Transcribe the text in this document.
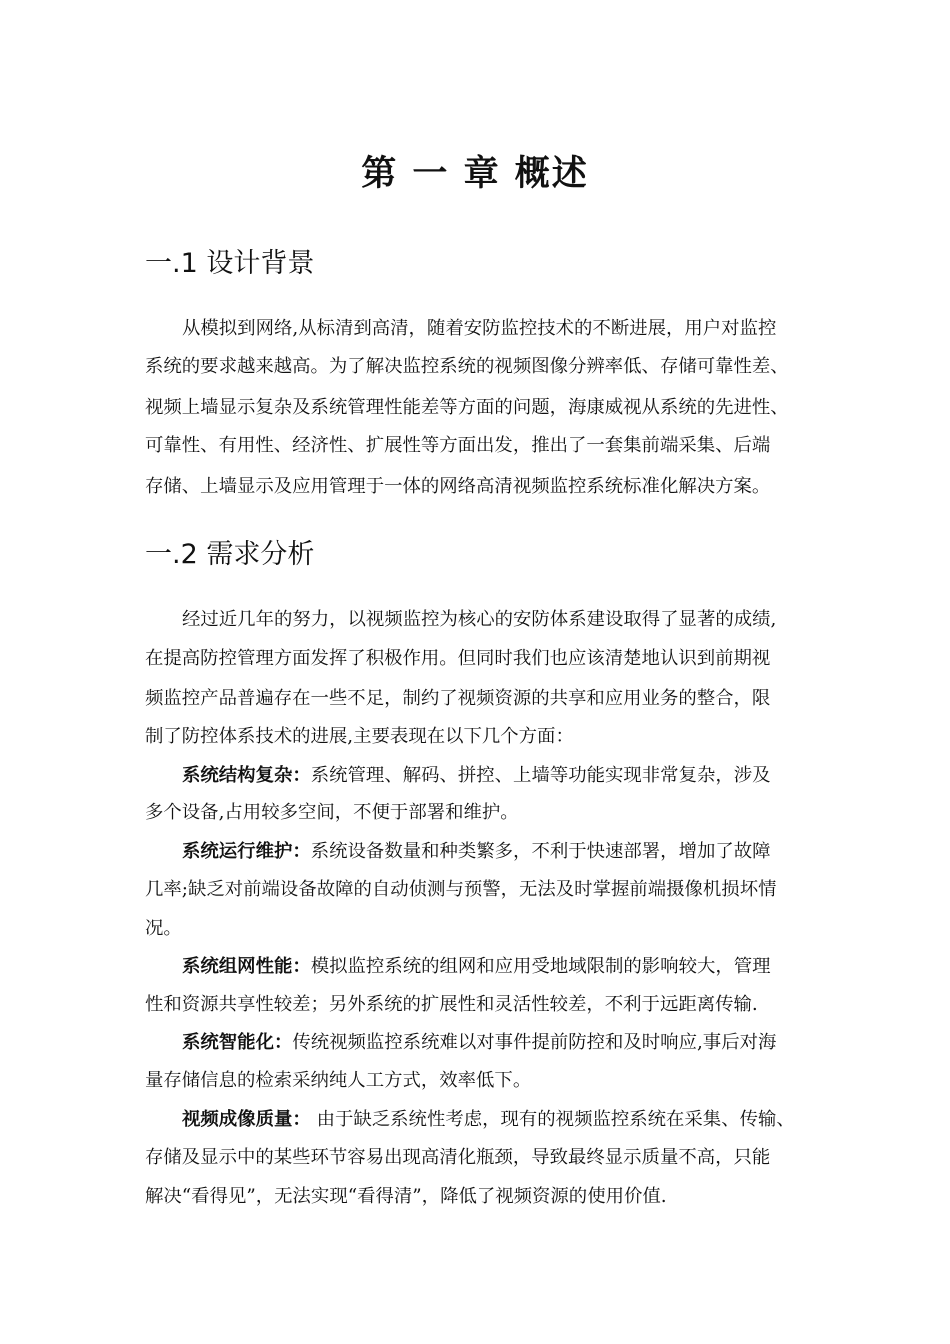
第 一 章 概述
一.1 设计背景

从模拟到网络,从标清到高清，随着安防监控技术的不断进展，用户对监控

系统的要求越来越高。为了解决监控系统的视频图像分辨率低、存储可靠性差、

视频上墙显示复杂及系统管理性能差等方面的问题，海康威视从系统的先进性、

可靠性、有用性、经济性、扩展性等方面出发，推出了一套集前端采集、后端

存储、上墙显示及应用管理于一体的网络高清视频监控系统标准化解决方案。

一.2 需求分析

经过近几年的努力，以视频监控为核心的安防体系建设取得了显著的成绩,

在提高防控管理方面发挥了积极作用。但同时我们也应该清楚地认识到前期视

频监控产品普遍存在一些不足，制约了视频资源的共享和应用业务的整合，限

制了防控体系技术的进展,主要表现在以下几个方面：

系统结构复杂：系统管理、解码、拼控、上墙等功能实现非常复杂，涉及

多个设备,占用较多空间，不便于部署和维护。

系统运行维护：系统设备数量和种类繁多，不利于快速部署，增加了故障

几率;缺乏对前端设备故障的自动侦测与预警，无法及时掌握前端摄像机损坏情

况。

系统组网性能：模拟监控系统的组网和应用受地域限制的影响较大，管理

性和资源共享性较差；另外系统的扩展性和灵活性较差，不利于远距离传输.

系统智能化：传统视频监控系统难以对事件提前防控和及时响应,事后对海

量存储信息的检索采纳纯人工方式，效率低下。

视频成像质量： 由于缺乏系统性考虑，现有的视频监控系统在采集、传输、

存储及显示中的某些环节容易出现高清化瓶颈，导致最终显示质量不高，只能

解决“看得见”，无法实现“看得清”，降低了视频资源的使用价值.
